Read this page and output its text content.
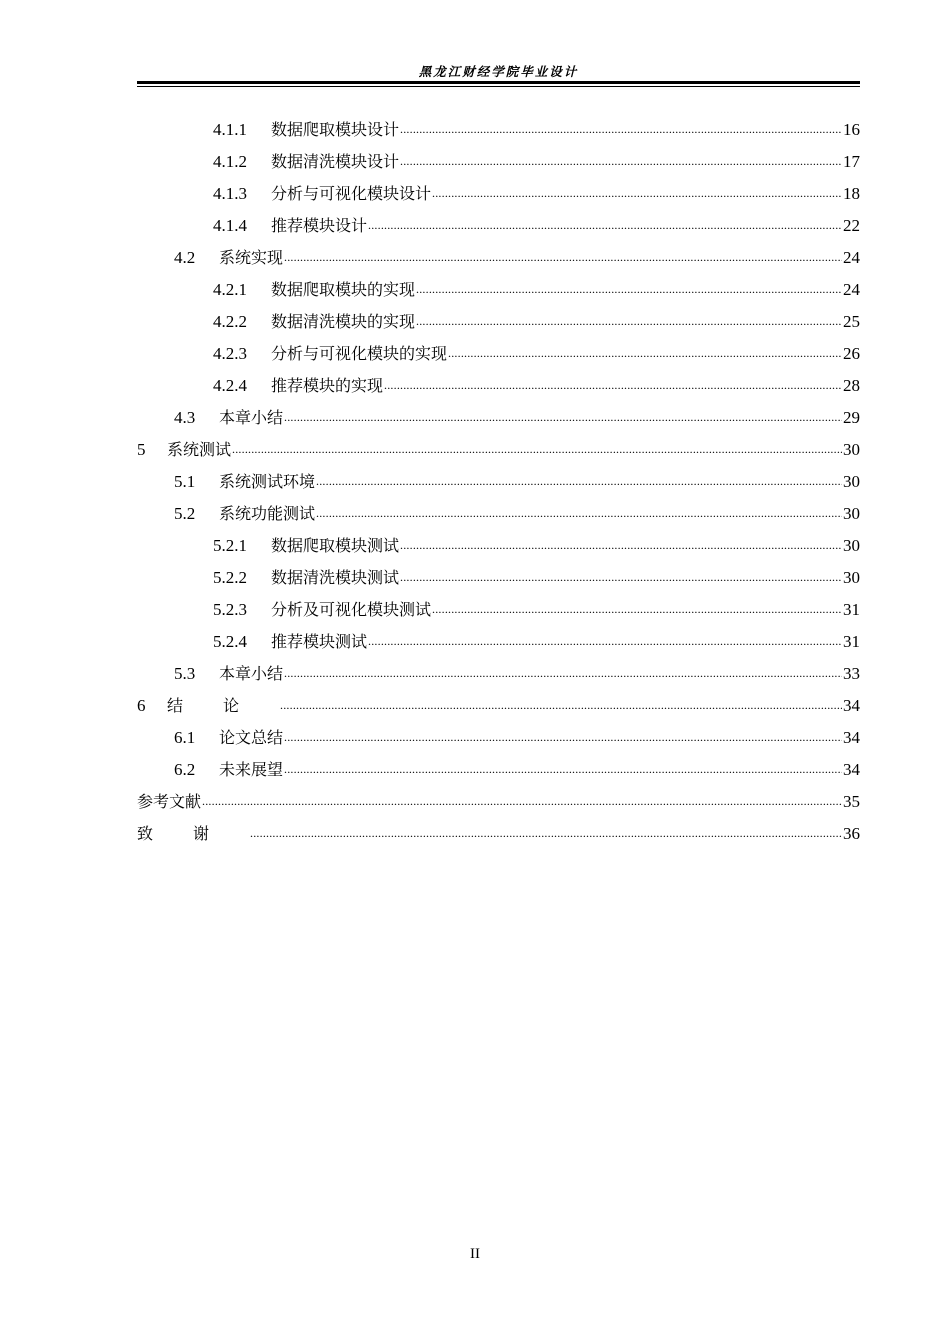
黑龙江财经学院毕业设计
4.1.1	数据爬取模块设计 .....	16
4.1.2	数据清洗模块设计 .....	17
4.1.3	分析与可视化模块设计 .....	18
4.1.4	推荐模块设计 .....	22
4.2	系统实现 .....	24
4.2.1	数据爬取模块的实现 .....	24
4.2.2	数据清洗模块的实现 .....	25
4.2.3	分析与可视化模块的实现 .....	26
4.2.4	推荐模块的实现 .....	28
4.3	本章小结 .....	29
5	系统测试 .....	30
5.1	系统测试环境 .....	30
5.2	系统功能测试 .....	30
5.2.1	数据爬取模块测试 .....	30
5.2.2	数据清洗模块测试 .....	30
5.2.3	分析及可视化模块测试 .....	31
5.2.4	推荐模块测试 .....	31
5.3	本章小结 .....	33
6	结论 .....	34
6.1	论文总结 .....	34
6.2	未来展望 .....	34
参考文献 .....	35
致谢 .....	36
II
